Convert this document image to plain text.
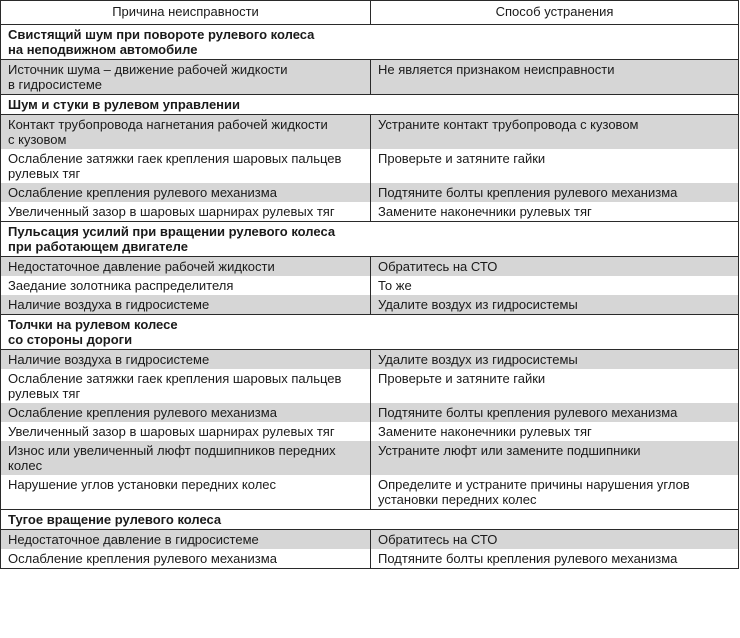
Причина неисправности	Способ устранения
Свистящий шум при повороте рулевого колеса
на неподвижном автомобиле	
Источник шума – движение рабочей жидкости
в гидросистеме	Не является признаком неисправности
Шум и стуки в рулевом управлении	
Контакт трубопровода нагнетания рабочей жидкости
с кузовом	Устраните контакт трубопровода с кузовом
Ослабление затяжки гаек крепления шаровых пальцев
рулевых тяг	Проверьте и затяните гайки
Ослабление крепления рулевого механизма	Подтяните болты крепления рулевого механизма
Увеличенный зазор в шаровых шарнирах рулевых тяг	Замените наконечники рулевых тяг
Пульсация усилий при вращении рулевого колеса
при работающем двигателе	
Недостаточное давление рабочей жидкости	Обратитесь на СТО
Заедание золотника распределителя	То же
Наличие воздуха в гидросистеме	Удалите воздух из гидросистемы
Толчки на рулевом колесе
со стороны дороги	
Наличие воздуха в гидросистеме	Удалите воздух из гидросистемы
Ослабление затяжки гаек крепления шаровых пальцев
рулевых тяг	Проверьте и затяните гайки
Ослабление крепления рулевого механизма	Подтяните болты крепления рулевого механизма
Увеличенный зазор в шаровых шарнирах рулевых тяг	Замените наконечники рулевых тяг
Износ или увеличенный люфт подшипников передних колес	Устраните люфт или замените подшипники
Нарушение углов установки передних колес	Определите и устраните причины нарушения углов
установки передних колес
Тугое вращение рулевого колеса	
Недостаточное давление в гидросистеме	Обратитесь на СТО
Ослабление крепления рулевого механизма	Подтяните болты крепления рулевого механизма
